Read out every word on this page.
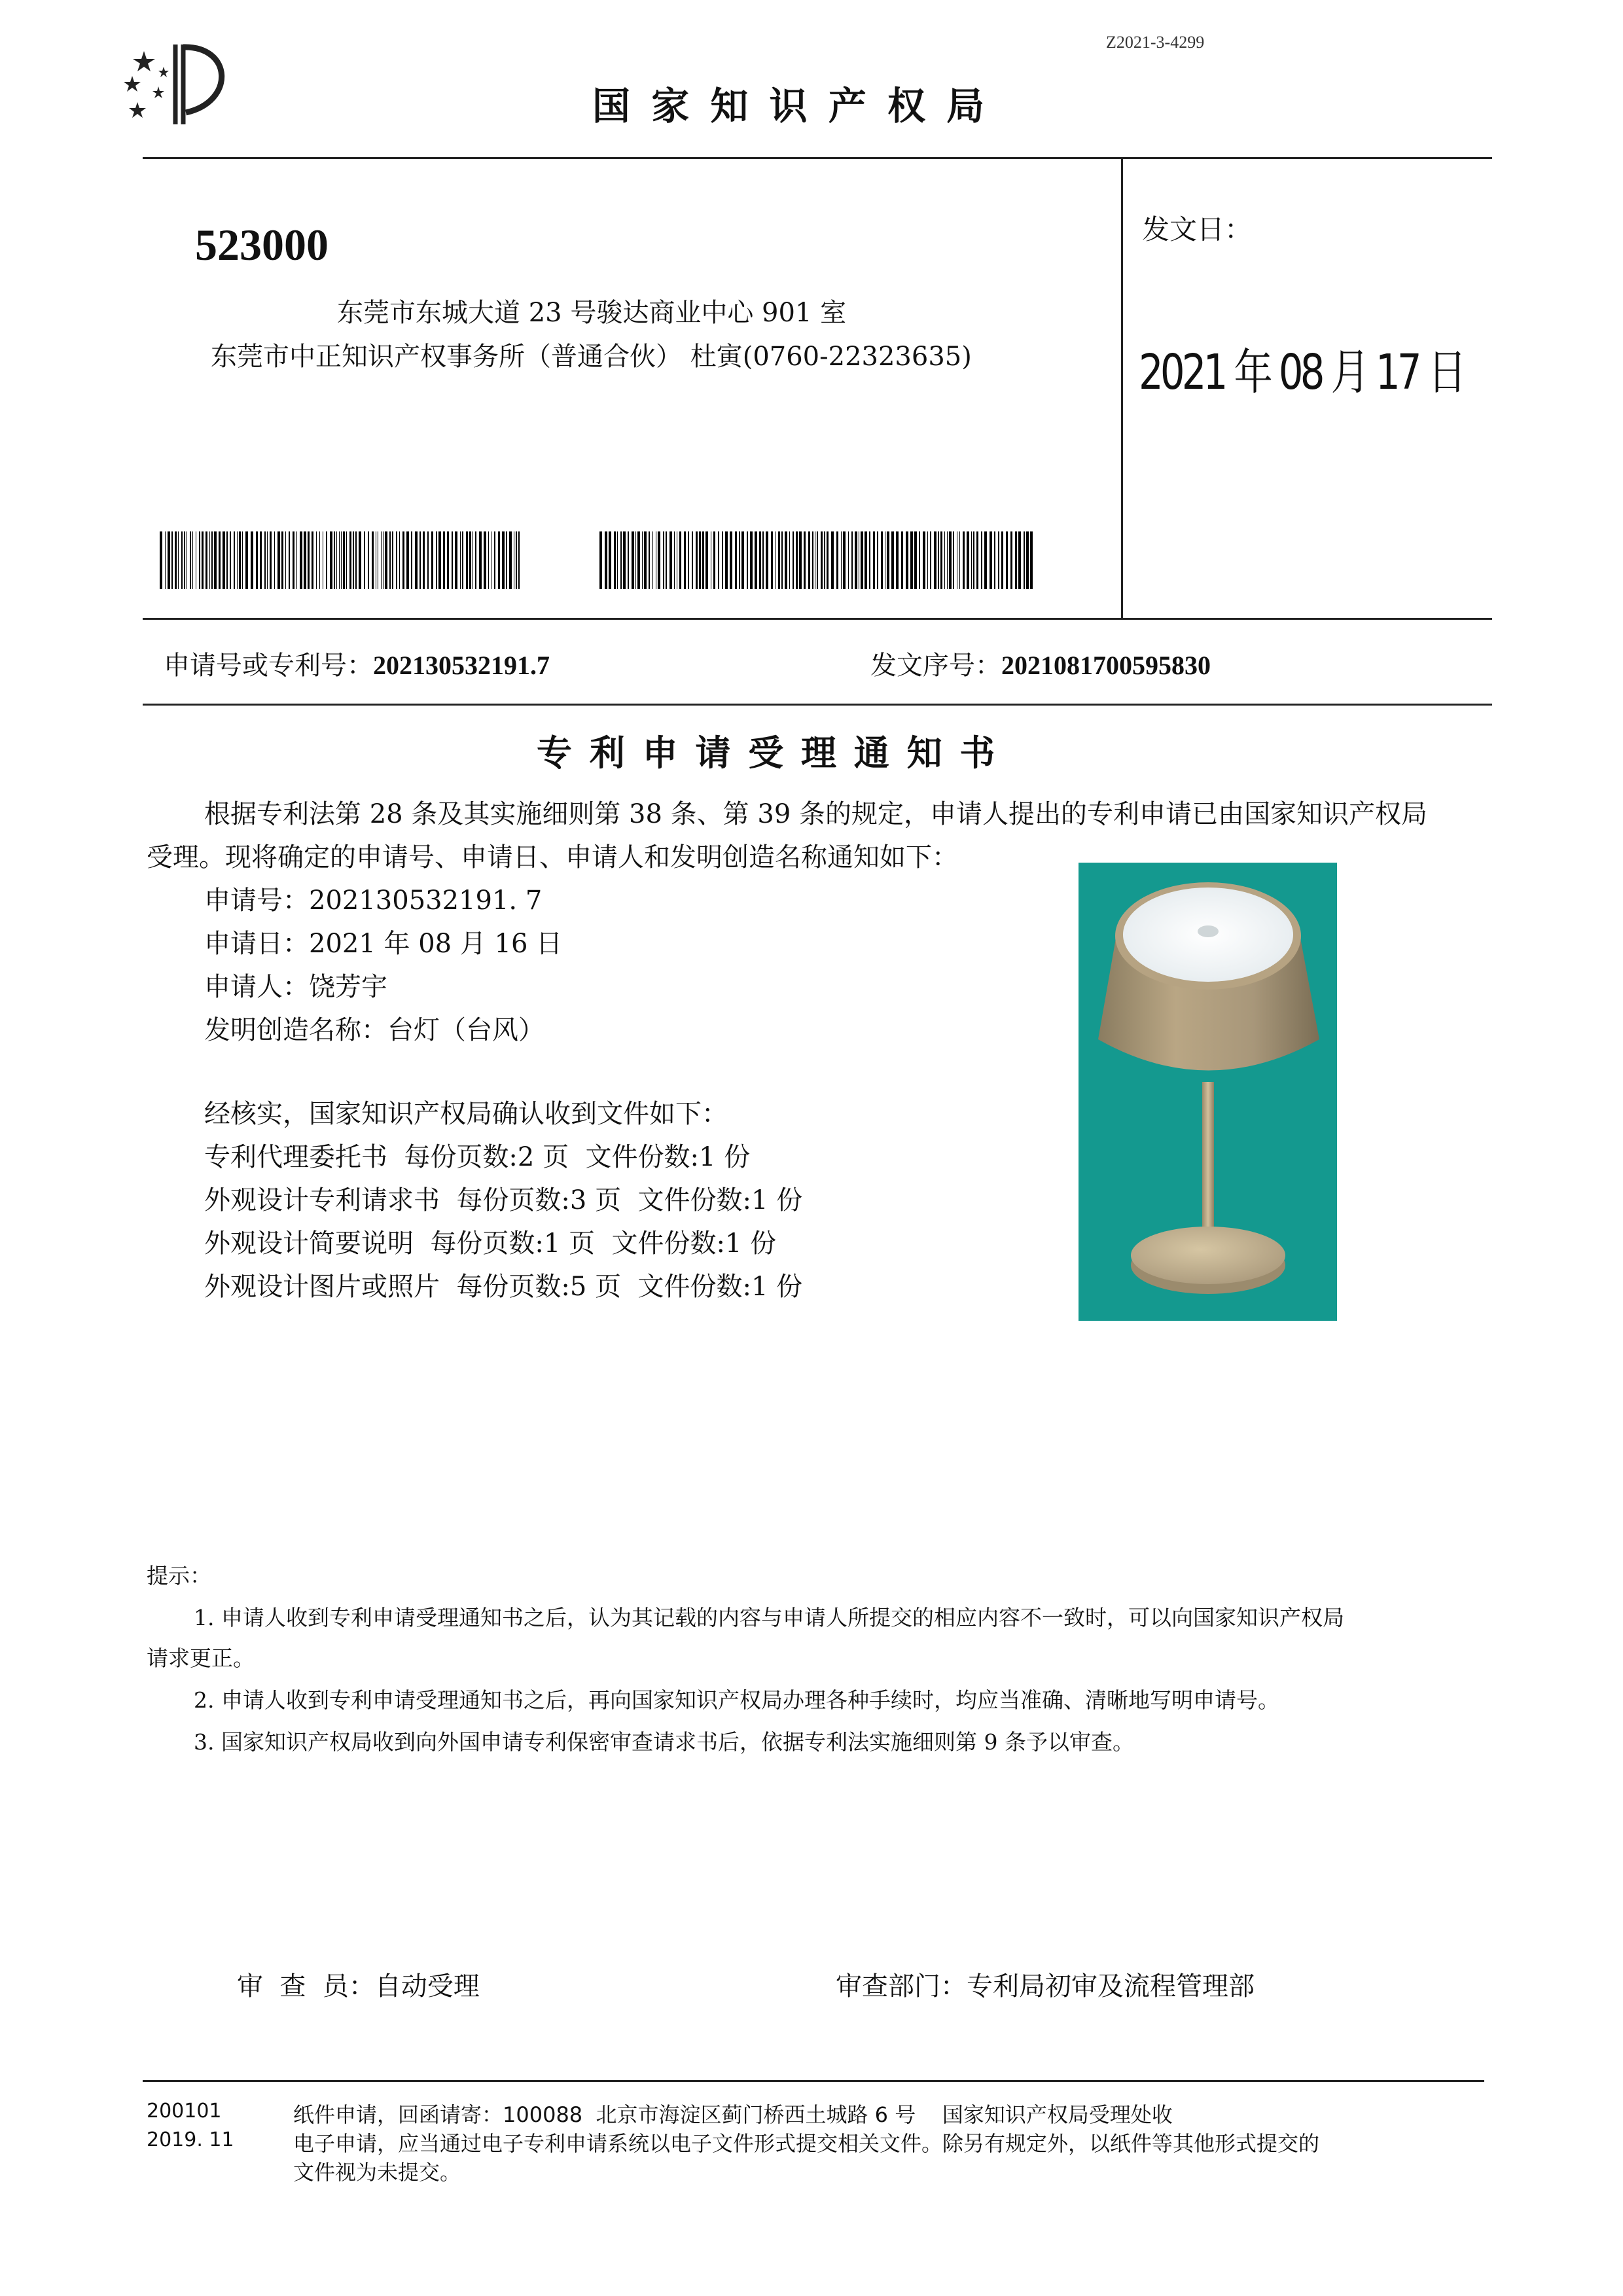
Z2021-3-4299
国 家 知 识 产 权 局
523000
东莞市东城大道 23 号骏达商业中心 901 室
东莞市中正知识产权事务所（普通合伙） 杜寅(0760-22323635)
发文日：
2021 年 08 月 17 日
申请号或专利号：202130532191.7	发文序号：2021081700595830
专 利 申 请 受 理 通 知 书
根据专利法第 28 条及其实施细则第 38 条、第 39 条的规定，申请人提出的专利申请已由国家知识产权局
受理。现将确定的申请号、申请日、申请人和发明创造名称通知如下：
申请号：202130532191. 7
申请日：2021 年 08 月 16 日
申请人：饶芳宇
发明创造名称：台灯（台风）
经核实，国家知识产权局确认收到文件如下：
专利代理委托书  每份页数:2 页  文件份数:1 份
外观设计专利请求书  每份页数:3 页  文件份数:1 份
外观设计简要说明  每份页数:1 页  文件份数:1 份
外观设计图片或照片  每份页数:5 页  文件份数:1 份
提示：
1. 申请人收到专利申请受理通知书之后，认为其记载的内容与申请人所提交的相应内容不一致时，可以向国家知识产权局
请求更正。
2. 申请人收到专利申请受理通知书之后，再向国家知识产权局办理各种手续时，均应当准确、清晰地写明申请号。
3. 国家知识产权局收到向外国申请专利保密审查请求书后，依据专利法实施细则第 9 条予以审查。
审  查  员：自动受理	审查部门：专利局初审及流程管理部
200101
2019. 11
纸件申请，回函请寄：100088  北京市海淀区蓟门桥西土城路 6 号    国家知识产权局受理处收
电子申请，应当通过电子专利申请系统以电子文件形式提交相关文件。除另有规定外，以纸件等其他形式提交的
文件视为未提交。
